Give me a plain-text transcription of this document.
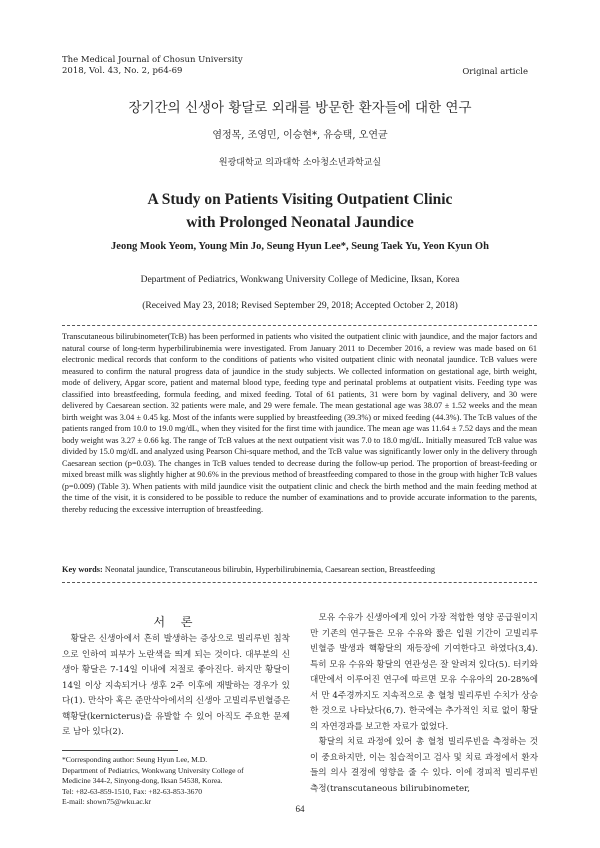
The Medical Journal of Chosun University
2018, Vol. 43, No. 2, p64-69	Original article
장기간의 신생아 황달로 외래를 방문한 환자들에 대한 연구
염정목, 조영민, 이승현*, 유승택, 오연균
원광대학교 의과대학 소아청소년과학교실
A Study on Patients Visiting Outpatient Clinic
with Prolonged Neonatal Jaundice
Jeong Mook Yeom, Young Min Jo, Seung Hyun Lee*, Seung Taek Yu, Yeon Kyun Oh
Department of Pediatrics, Wonkwang University College of Medicine, Iksan, Korea
(Received May 23, 2018; Revised September 29, 2018; Accepted October 2, 2018)
Transcutaneous bilirubinometer(TcB) has been performed in patients who visited the outpatient clinic with jaundice, and the major factors and natural course of long-term hyperbilirubinemia were investigated. From January 2011 to December 2016, a review was made based on 61 electronic medical records that conform to the conditions of patients who visited outpatient clinic with neonatal jaundice. TcB values were measured to confirm the natural progress data of jaundice in the study subjects. We collected information on gestational age, birth weight, mode of delivery, Apgar score, patient and maternal blood type, feeding type and perinatal problems at outpatient visits. Feeding type was classified into breastfeeding, formula feeding, and mixed feeding. Total of 61 patients, 31 were born by vaginal delivery, and 30 were delivered by Caesarean section. 32 patients were male, and 29 were female. The mean gestational age was 38.07 ± 1.52 weeks and the mean birth weight was 3.04 ± 0.45 kg. Most of the infants were supplied by breastfeeding (39.3%) or mixed feeding (44.3%). The TcB values of the patients ranged from 10.0 to 19.0 mg/dL, when they visited for the first time with jaundice. The mean age was 11.64 ± 7.52 days and the mean body weight was 3.27 ± 0.66 kg. The range of TcB values at the next outpatient visit was 7.0 to 18.0 mg/dL. Initially measured TcB value was divided by 15.0 mg/dL and analyzed using Pearson Chi-square method, and the TcB value was significantly lower only in the delivery through Caesarean section (p=0.03). The changes in TcB values tended to decrease during the follow-up period. The proportion of breast-feeding or mixed breast milk was slightly higher at 90.6% in the previous method of breastfeeding compared to those in the group with higher TcB values (p=0.009) (Table 3). When patients with mild jaundice visit the outpatient clinic and check the birth method and the main feeding method at the time of the visit, it is considered to be possible to reduce the number of examinations and to provide accurate information to the parents, thereby reducing the excessive interruption of breastfeeding.
Key words: Neonatal jaundice, Transcutaneous bilirubin, Hyperbilirubinemia, Caesarean section, Breastfeeding
서 론

황달은 신생아에서 흔히 발생하는 증상으로 빌리루빈 침착으로 인하여 피부가 노란색을 띄게 되는 것이다. 대부분의 신생아 황달은 7-14일 이내에 저절로 좋아진다. 하지만 황달이 14일 이상 지속되거나 생후 2주 이후에 재발하는 경우가 있다(1). 만삭아 혹은 준만삭아에서의 신생아 고빌리루빈혈증은 핵황달(kernicterus)을 유발할 수 있어 아직도 주요한 문제로 남아 있다(2).

모유 수유가 신생아에게 있어 가장 적합한 영양 공급원이지만 기존의 연구들은 모유 수유와 짧은 입원 기간이 고빌리루빈혈증 발생과 핵황달의 재등장에 기여한다고 하였다(3,4). 특히 모유 수유와 황달의 연관성은 잘 알려져 있다(5). 터키와 대만에서 이루어진 연구에 따르면 모유 수유아의 20-28%에서 만 4주경까지도 지속적으로 총 혈청 빌리루빈 수치가 상승한 것으로 나타났다(6,7). 한국에는 추가적인 치료 없이 황달의 자연경과를 보고한 자료가 없었다.

황달의 치료 과정에 있어 총 혈청 빌리루빈을 측정하는 것이 중요하지만, 이는 침습적이고 검사 및 치료 과정에서 환자들의 의사 결정에 영향을 줄 수 있다. 이에 경피적 빌리루빈 측정(transcutaneous bilirubinometer,

*Corresponding author: Seung Hyun Lee, M.D.
Department of Pediatrics, Wonkwang University College of
Medicine 344-2, Sinyong-dong, Iksan 54538, Korea.
Tel: +82-63-859-1510, Fax: +82-63-853-3670
E-mail: shown75@wku.ac.kr
64
